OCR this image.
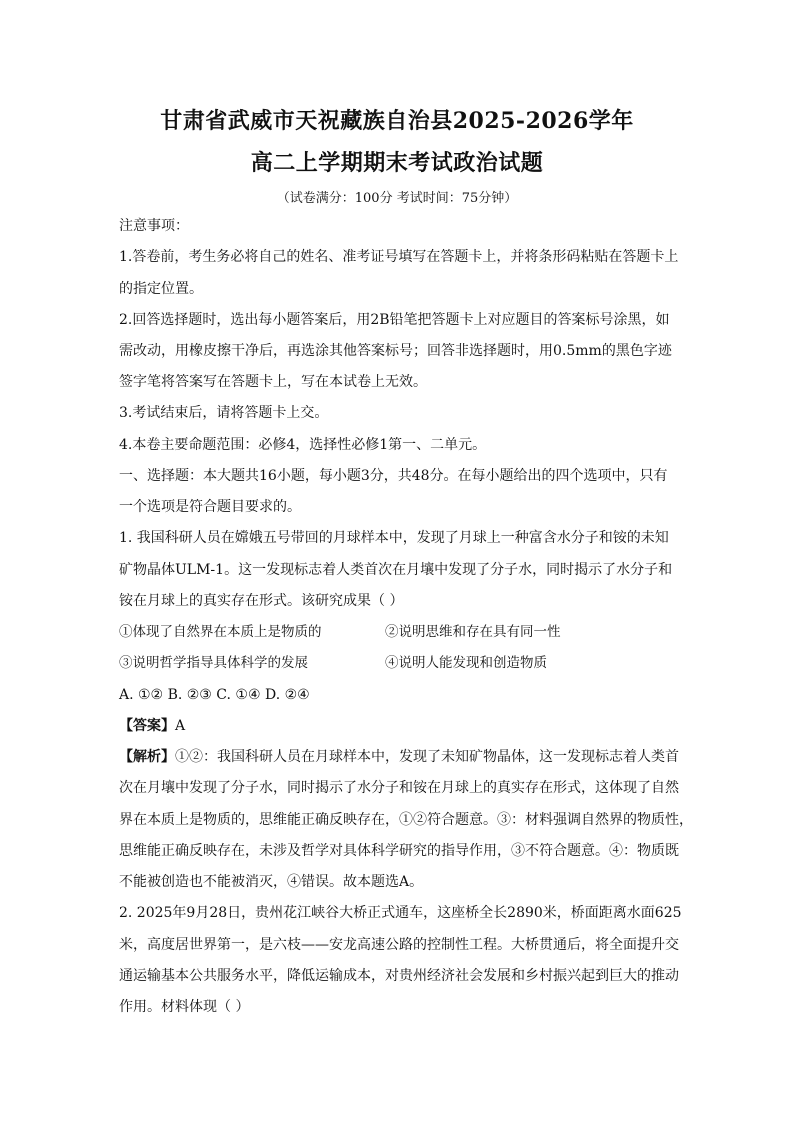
甘肃省武威市天祝藏族自治县2025-2026学年
高二上学期期末考试政治试题
（试卷满分：100分 考试时间：75分钟）
注意事项：
1.答卷前，考生务必将自己的姓名、准考证号填写在答题卡上，并将条形码粘贴在答题卡上
的指定位置。
2.回答选择题时，选出每小题答案后，用2B铅笔把答题卡上对应题目的答案标号涂黑，如
需改动，用橡皮擦干净后，再选涂其他答案标号；回答非选择题时，用0.5mm的黑色字迹
签字笔将答案写在答题卡上，写在本试卷上无效。
3.考试结束后，请将答题卡上交。
4.本卷主要命题范围：必修4，选择性必修1第一、二单元。
一、选择题：本大题共16小题，每小题3分，共48分。在每小题给出的四个选项中，只有
一个选项是符合题目要求的。
1. 我国科研人员在嫦娥五号带回的月球样本中，发现了月球上一种富含水分子和铵的未知
矿物晶体ULM-1。这一发现标志着人类首次在月壤中发现了分子水，同时揭示了水分子和
铵在月球上的真实存在形式。该研究成果（ ）
①体现了自然界在本质上是物质的	②说明思维和存在具有同一性
③说明哲学指导具体科学的发展	④说明人能发现和创造物质
A. ①② B. ②③ C. ①④ D. ②④
【答案】A
【解析】①②：我国科研人员在月球样本中，发现了未知矿物晶体，这一发现标志着人类首
次在月壤中发现了分子水，同时揭示了水分子和铵在月球上的真实存在形式，这体现了自然
界在本质上是物质的，思维能正确反映存在，①②符合题意。③：材料强调自然界的物质性，
思维能正确反映存在，未涉及哲学对具体科学研究的指导作用，③不符合题意。④：物质既
不能被创造也不能被消灭，④错误。故本题选A。
2. 2025年9月28日，贵州花江峡谷大桥正式通车，这座桥全长2890米，桥面距离水面625
米，高度居世界第一，是六枝——安龙高速公路的控制性工程。大桥贯通后，将全面提升交
通运输基本公共服务水平，降低运输成本，对贵州经济社会发展和乡村振兴起到巨大的推动
作用。材料体现（ ）
